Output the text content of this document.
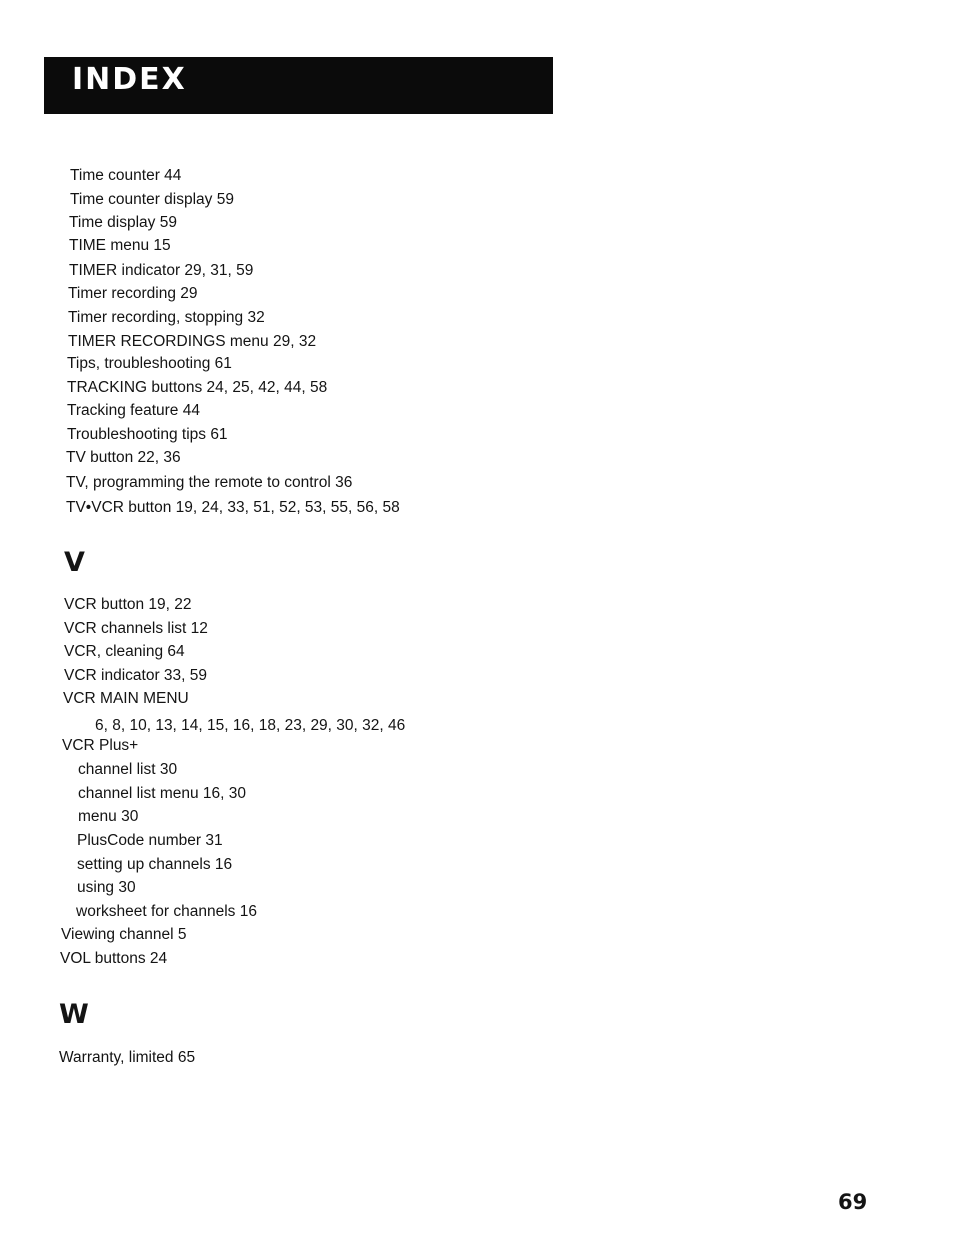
INDEX
Time counter 44
Time counter display 59
Time display 59
TIME menu 15
TIMER indicator 29, 31, 59
Timer recording 29
Timer recording, stopping 32
TIMER RECORDINGS menu 29, 32
Tips, troubleshooting 61
TRACKING buttons 24, 25, 42, 44, 58
Tracking feature 44
Troubleshooting tips 61
TV button 22, 36
TV, programming the remote to control 36
TV•VCR button 19, 24, 33, 51, 52, 53, 55, 56, 58
V
VCR button 19, 22
VCR channels list 12
VCR, cleaning 64
VCR indicator 33, 59
VCR MAIN MENU
6, 8, 10, 13, 14, 15, 16, 18, 23, 29, 30, 32, 46
VCR Plus+
channel list 30
channel list menu 16, 30
menu 30
PlusCode number 31
setting up channels 16
using 30
worksheet for channels 16
Viewing channel 5
VOL buttons 24
W
Warranty, limited 65
69
